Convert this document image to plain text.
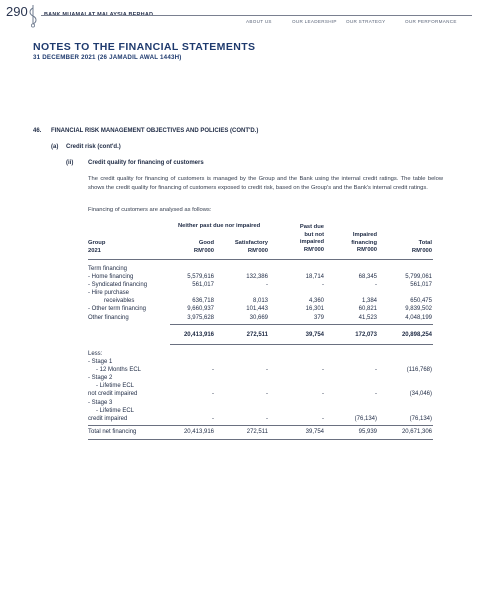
290	BANK MUAMALAT MALAYSIA BERHAD
ABOUT US	OUR LEADERSHIP OUR STRATEGY	OUR PERFORMANCE
NOTES TO THE FINANCIAL STATEMENTS
31 DECEMBER 2021 (26 JAMADIL AWAL 1443H)
46. FINANCIAL RISK MANAGEMENT OBJECTIVES AND POLICIES (CONT'D.)
(a) Credit risk (cont'd.)
(ii) Credit quality for financing of customers
The credit quality for financing of customers is managed by the Group and the Bank using the internal credit ratings. The table below shows the credit quality for financing of customers exposed to credit risk, based on the Group's and the Bank's internal credit ratings.
Financing of customers are analysed as follows:
Neither past due nor impaired
Group
2021
Good
RM'000
Satisfactory
RM'000
Past due
but not
impaired
RM'000
Impaired
financing
RM'000
Total
RM'000
Term financing
- Home financing	5,579,616	132,386	18,714	68,345	5,799,061
- Syndicated financing	561,017	-	-	-	561,017
- Hire purchase
receivables	636,718	8,013	4,360	1,384	650,475
- Other term financing	9,660,937	101,443	16,301	60,821	9,839,502
Other financing	3,975,628	30,669	379	41,523	4,048,199
20,413,916	272,511	39,754	172,073	20,898,254
Less:
- Stage 1
- 12 Months ECL	-	-	-	-	(116,768)
- Stage 2
- Lifetime ECL
not credit impaired	-	-	-	-	(34,046)
- Stage 3
- Lifetime ECL
credit impaired	-	-	-	(76,134)	(76,134)
Total net financing	20,413,916	272,511	39,754	95,939	20,671,306
